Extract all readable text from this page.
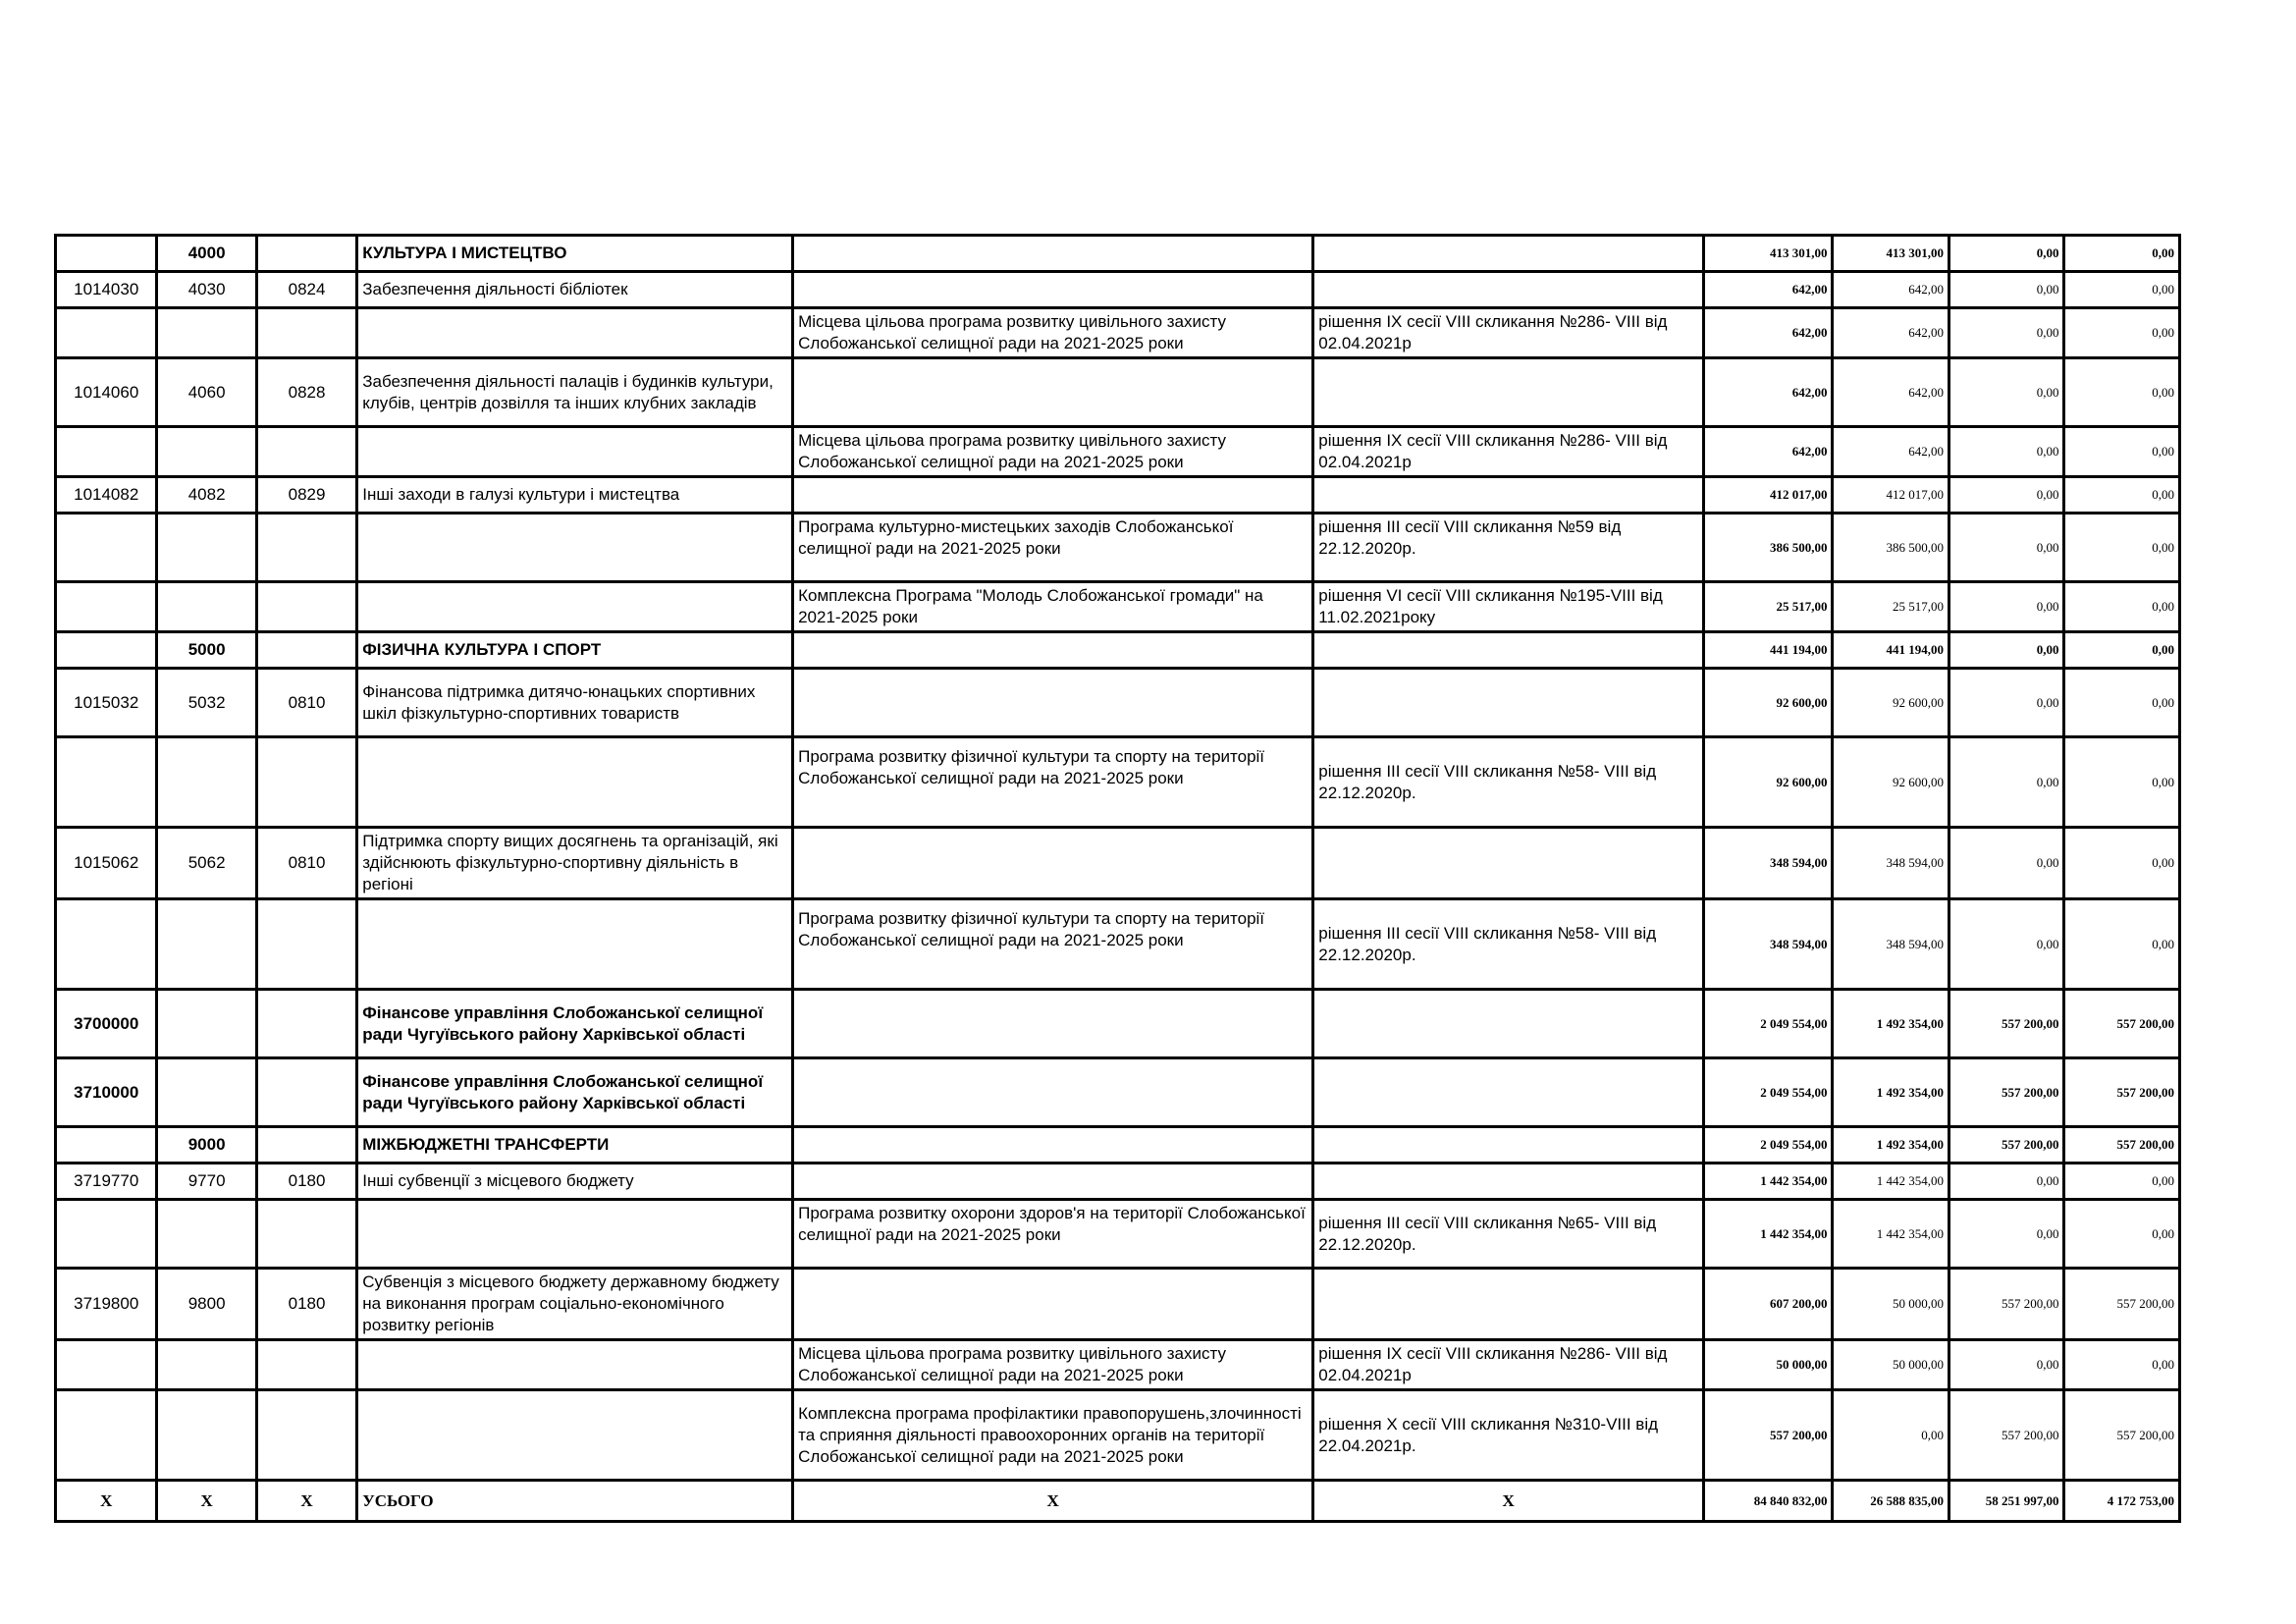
	4000		КУЛЬТУРА І МИСТЕЦТВО			413 301,00	413 301,00	0,00	0,00
1014030	4030	0824	Забезпечення діяльності бібліотек			642,00	642,00	0,00	0,00
				Місцева цільова програма розвитку цивільного захисту Слобожанської селищної ради на 2021-2025 роки	рішення IX сесії VIII скликання №286- VIII від 02.04.2021р	642,00	642,00	0,00	0,00
1014060	4060	0828	Забезпечення діяльності палаців і будинків культури, клубів, центрів дозвілля та інших клубних закладів			642,00	642,00	0,00	0,00
				Місцева цільова програма розвитку цивільного захисту Слобожанської селищної ради на 2021-2025 роки	рішення IX сесії VIII скликання №286- VIII від 02.04.2021р	642,00	642,00	0,00	0,00
1014082	4082	0829	Інші заходи в галузі культури і мистецтва			412 017,00	412 017,00	0,00	0,00
				Програма культурно-мистецьких заходів Слобожанської селищної ради на 2021-2025 роки	рішення III сесії VIII скликання №59 від 22.12.2020р.	386 500,00	386 500,00	0,00	0,00
				Комплексна Програма "Молодь Слобожанської громади" на 2021-2025 роки	рішення VI сесії VIII скликання №195-VIII від 11.02.2021року	25 517,00	25 517,00	0,00	0,00
	5000		ФІЗИЧНА КУЛЬТУРА І СПОРТ			441 194,00	441 194,00	0,00	0,00
1015032	5032	0810	Фінансова підтримка дитячо-юнацьких спортивних шкіл фізкультурно-спортивних товариств			92 600,00	92 600,00	0,00	0,00
				Програма розвитку фізичної культури та спорту на території Слобожанської селищної ради на 2021-2025 роки	рішення III сесії VIII скликання №58- VIII від 22.12.2020р.	92 600,00	92 600,00	0,00	0,00
1015062	5062	0810	Підтримка спорту вищих досягнень та організацій, які здійснюють фізкультурно-спортивну діяльність в регіоні			348 594,00	348 594,00	0,00	0,00
				Програма розвитку фізичної культури та спорту на території Слобожанської селищної ради на 2021-2025 роки	рішення III сесії VIII скликання №58- VIII від 22.12.2020р.	348 594,00	348 594,00	0,00	0,00
3700000			Фінансове управління Слобожанської селищної ради Чугуївського району Харківської області			2 049 554,00	1 492 354,00	557 200,00	557 200,00
3710000			Фінансове управління Слобожанської селищної ради Чугуївського району Харківської області			2 049 554,00	1 492 354,00	557 200,00	557 200,00
	9000		МІЖБЮДЖЕТНІ ТРАНСФЕРТИ			2 049 554,00	1 492 354,00	557 200,00	557 200,00
3719770	9770	0180	Інші субвенції з місцевого бюджету			1 442 354,00	1 442 354,00	0,00	0,00
				Програма розвитку охорони здоров'я на території Слобожанської селищної ради на 2021-2025 роки	рішення III сесії VIII скликання №65- VIII від 22.12.2020р.	1 442 354,00	1 442 354,00	0,00	0,00
3719800	9800	0180	Субвенція з місцевого бюджету державному бюджету на виконання програм соціально-економічного розвитку регіонів			607 200,00	50 000,00	557 200,00	557 200,00
				Місцева цільова програма розвитку цивільного захисту Слобожанської селищної ради на 2021-2025 роки	рішення IX сесії VIII скликання №286- VIII від 02.04.2021р	50 000,00	50 000,00	0,00	0,00
				Комплексна програма профілактики правопорушень,злочинності та сприяння діяльності правоохоронних органів на території Слобожанської селищної ради на 2021-2025 роки	рішення X сесії VIII скликання №310-VIII від 22.04.2021р.	557 200,00	0,00	557 200,00	557 200,00
Х	Х	Х	УСЬОГО	Х	Х	84 840 832,00	26 588 835,00	58 251 997,00	4 172 753,00
